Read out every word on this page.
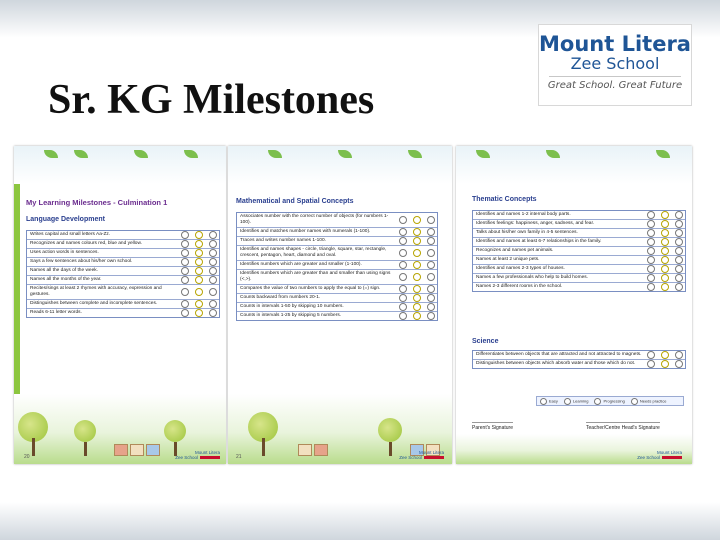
Sr. KG Milestones
Mount Litera
Zee School
Great School. Great Future
My Learning Milestones - Culmination 1
Language Development
Writes capital and small letters Aa-Zz.
Recognizes and names colours red, blue and yellow.
Uses action words in sentences.
Says a few sentences about his/her own school.
Names all the days of the week.
Names all the months of the year.
Recites/sings at least 2 rhymes with accuracy, expression and gestures.
Distinguishes between complete and incomplete sentences.
Reads 6-11 letter words.
20
Mount Litera
Zee School
Mathematical and Spatial Concepts
Associates number with the correct number of objects (for numbers 1-100).
Identifies and matches number names with numerals (1-100).
Traces and writes number names 1-100.
Identifies and names shapes - circle, triangle, square, star, rectangle, crescent, pentagon, heart, diamond and oval.
Identifies numbers which are greater and smaller (1-100).
Identifies numbers which are greater than and smaller than using signs (<,>).
Compares the value of two numbers to apply the equal to (=) sign.
Counts backward from numbers 20-1.
Counts in intervals 1-50 by skipping 10 numbers.
Counts in intervals 1-25 by skipping 5 numbers.
21
Mount Litera
Zee School
Thematic Concepts
Identifies and names 1-2 internal body parts.
Identifies feelings: happiness, anger, sadness, and fear.
Talks about his/her own family in 4-5 sentences.
Identifies and names at least 6-7 relationships in the family.
Recognizes and names pet animals.
Names at least 2 unique pets.
Identifies and names 2-3 types of houses.
Names a few professionals who help to build homes.
Names 2-3 different rooms in the school.
Science
Differentiates between objects that are attracted and not attracted to magnets.
Distinguishes between objects which absorb water and those which do not.
Easy	Learning	Progressing	Needs practice
Parent's Signature	Teacher/Centre Head's Signature
Mount Litera
Zee School
